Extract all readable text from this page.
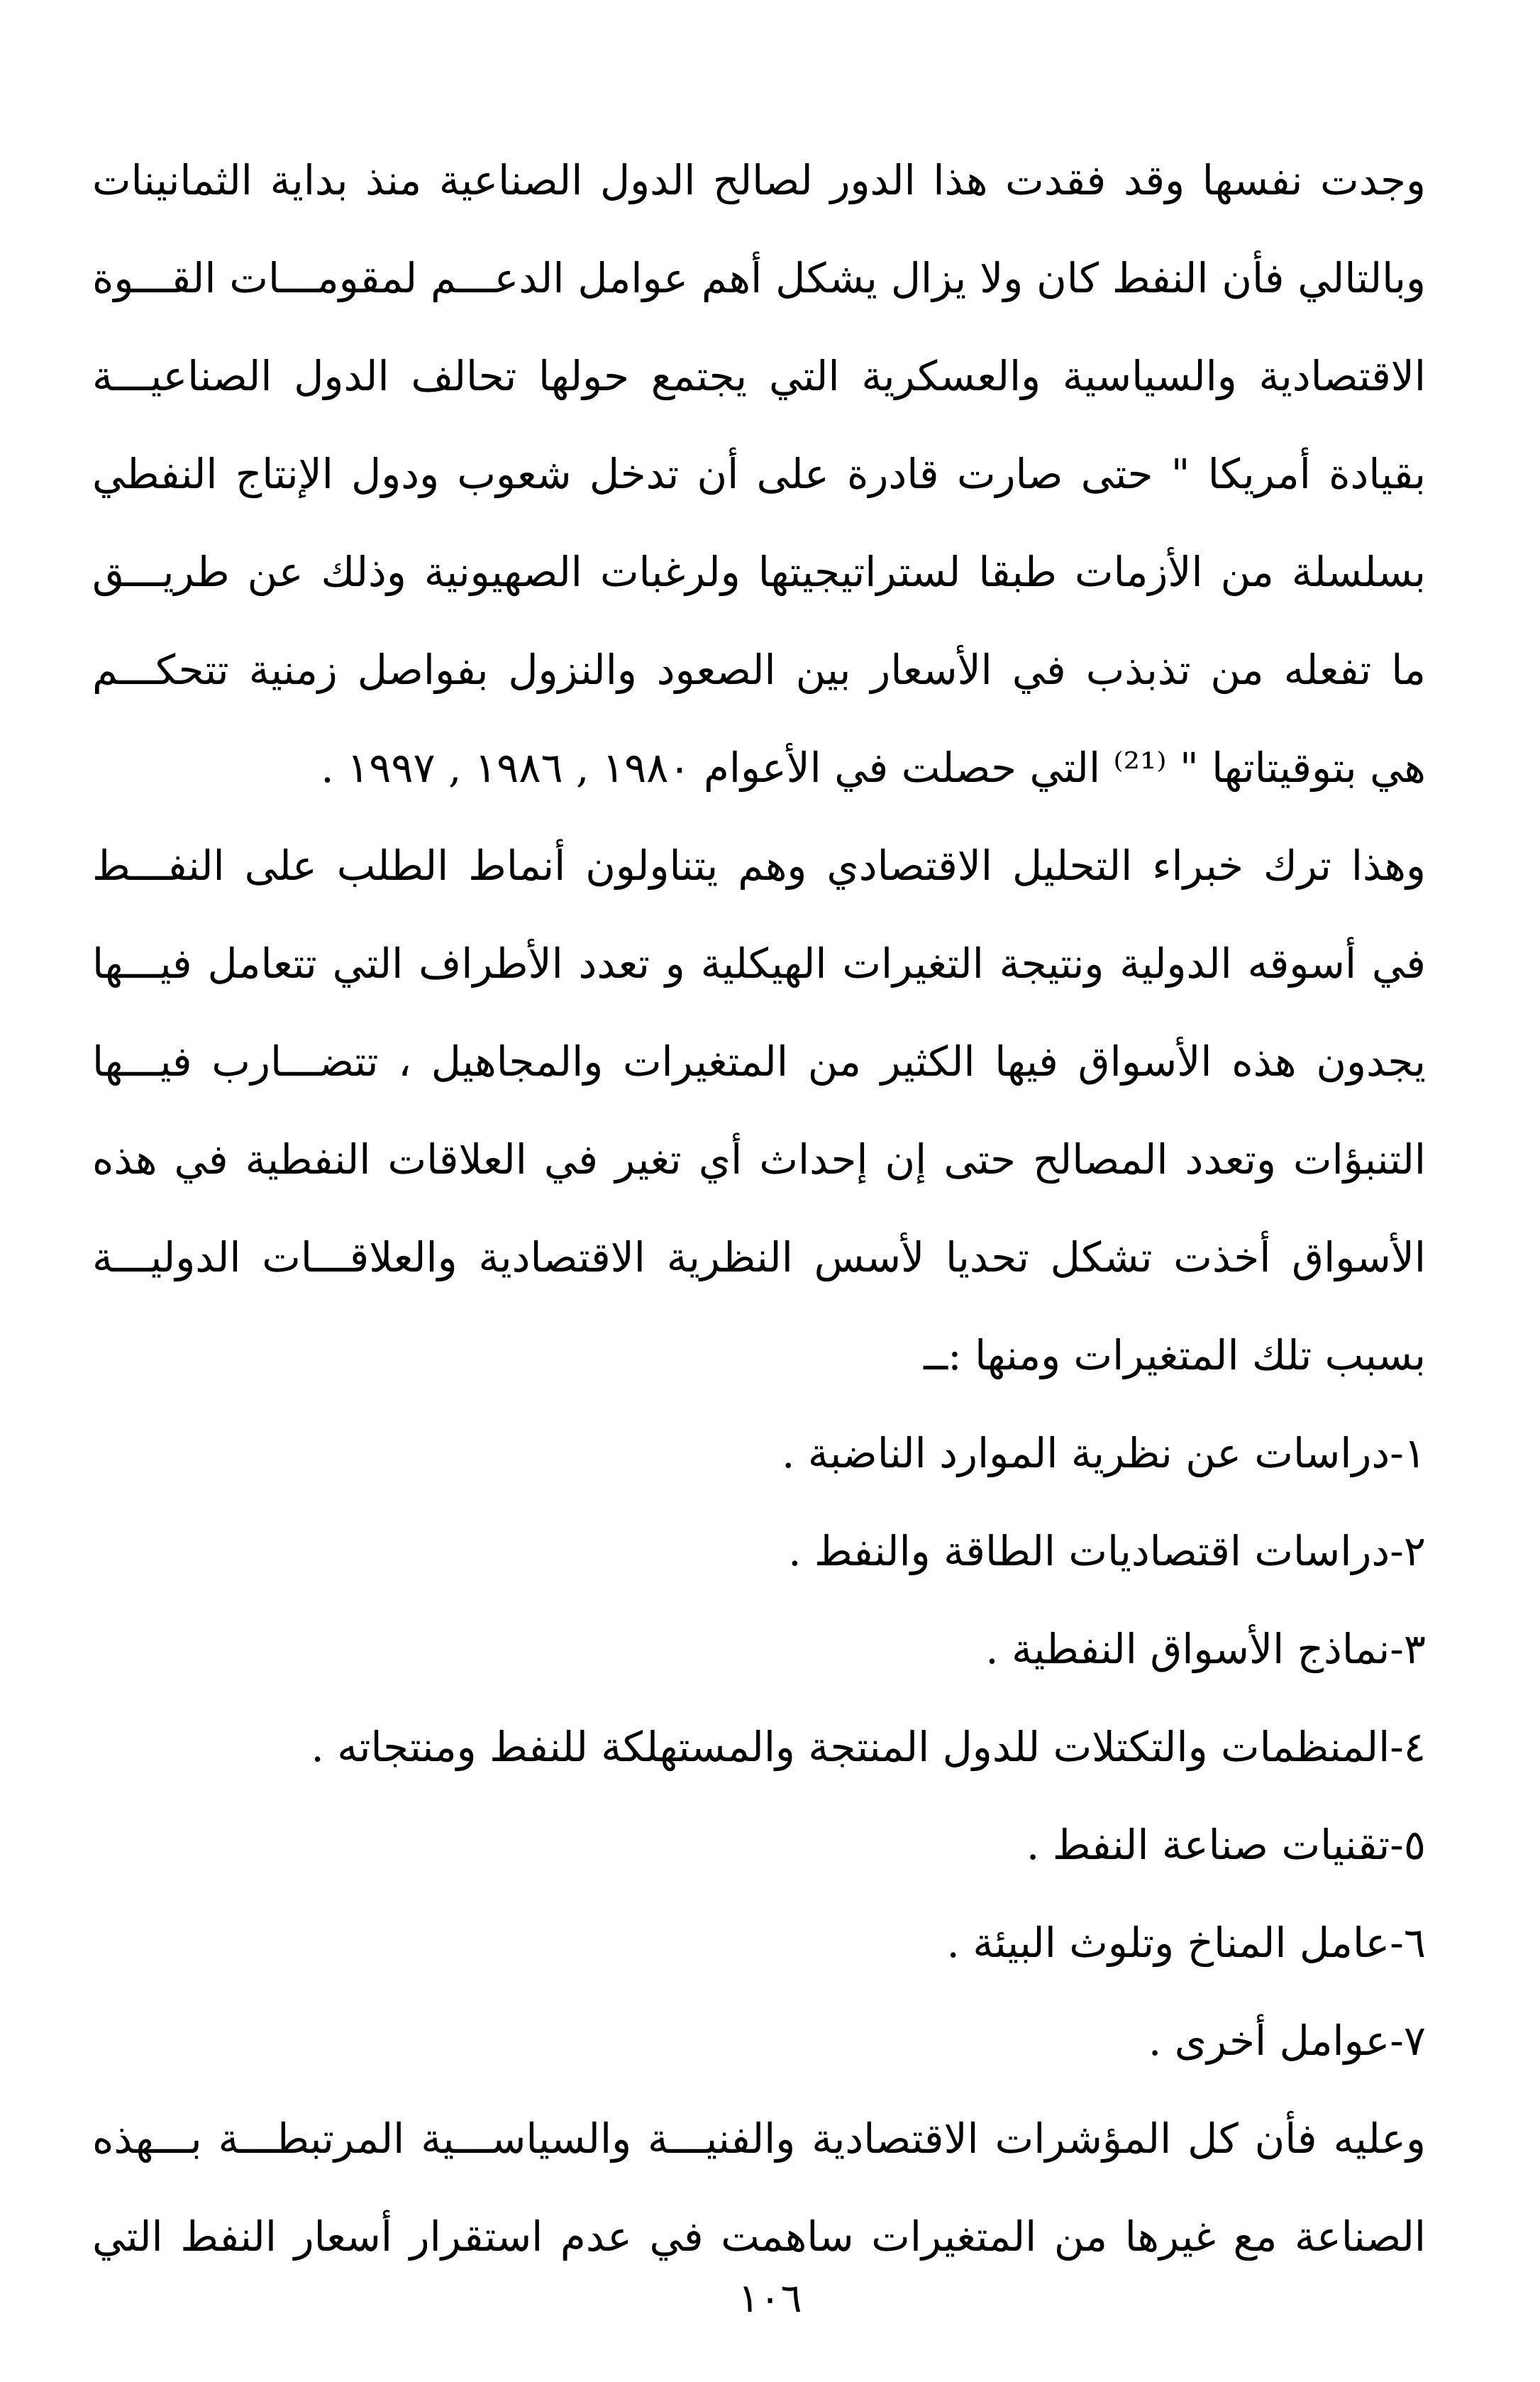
وجدت نفسها وقد فقدت هذا الدور لصالح الدول الصناعية منذ بداية الثمانينات
وبالتالي فأن النفط كان ولا يزال يشكل أهم عوامل الدعـــم لمقومـــات القـــوة
الاقتصادية والسياسية والعسكرية التي يجتمع حولها تحالف الدول الصناعيـــة
بقيادة أمريكا " حتى صارت قادرة على أن تدخل شعوب ودول الإنتاج النفطي
بسلسلة من الأزمات طبقا لستراتيجيتها ولرغبات الصهيونية وذلك عن طريـــق
ما تفعله من تذبذب في الأسعار بين الصعود والنزول بفواصل زمنية تتحكـــم
هي بتوقيتاتها " ⁽²¹⁾ التي حصلت في الأعوام ١٩٨٠ , ١٩٨٦ , ١٩٩٧ .
وهذا ترك خبراء التحليل الاقتصادي وهم يتناولون أنماط الطلب على النفـــط
في أسوقه الدولية ونتيجة التغيرات الهيكلية و تعدد الأطراف التي تتعامل فيـــها
يجدون هذه الأسواق فيها الكثير من المتغيرات والمجاهيل ، تتضـــارب فيـــها
التنبؤات وتعدد المصالح حتى إن إحداث أي تغير في العلاقات النفطية في هذه
الأسواق أخذت تشكل تحديا لأسس النظرية الاقتصادية والعلاقـــات الدوليـــة
بسبب تلك المتغيرات ومنها :ــ
١-دراسات عن نظرية الموارد الناضبة .
٢-دراسات اقتصاديات الطاقة والنفط .
٣-نماذج الأسواق النفطية .
٤-المنظمات والتكتلات للدول المنتجة والمستهلكة للنفط ومنتجاته .
٥-تقنيات صناعة النفط .
٦-عامل المناخ وتلوث البيئة .
٧-عوامل أخرى .
وعليه فأن كل المؤشرات الاقتصادية والفنيـــة والسياســـية المرتبطـــة بـــهذه
الصناعة مع غيرها من المتغيرات ساهمت في عدم استقرار أسعار النفط التي
١٠٦
